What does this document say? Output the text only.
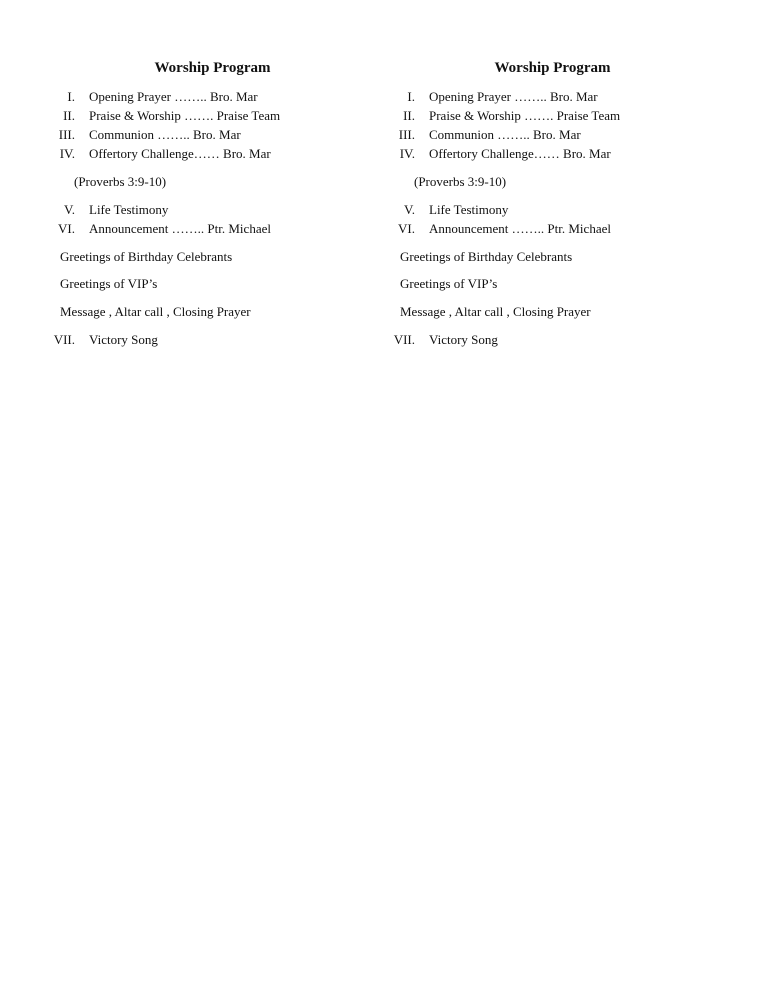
Worship Program
I. Opening Prayer …….. Bro. Mar
II. Praise & Worship ……. Praise Team
III. Communion …….. Bro. Mar
IV. Offertory Challenge…… Bro. Mar
(Proverbs 3:9-10)
V. Life Testimony
VI. Announcement …….. Ptr. Michael
Greetings of Birthday Celebrants
Greetings of VIP’s
Message , Altar call , Closing Prayer
VII. Victory Song
Worship Program
I. Opening Prayer …….. Bro. Mar
II. Praise & Worship ……. Praise Team
III. Communion …….. Bro. Mar
IV. Offertory Challenge…… Bro. Mar
(Proverbs 3:9-10)
V. Life Testimony
VI. Announcement …….. Ptr. Michael
Greetings of Birthday Celebrants
Greetings of VIP’s
Message , Altar call , Closing Prayer
VII. Victory Song
